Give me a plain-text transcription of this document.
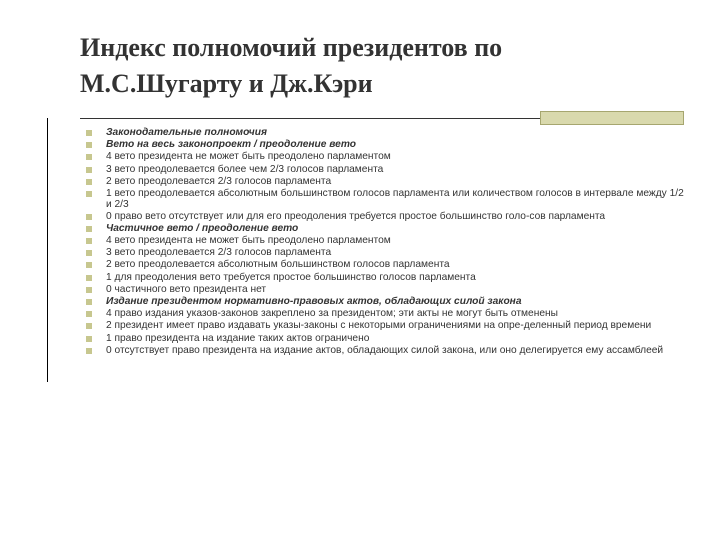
Индекс полномочий президентов по
М.С.Шугарту и Дж.Кэри
Законодательные полномочия
Вето на весь законопроект / преодоление вето
4 вето президента не может быть преодолено парламентом
3 вето преодолевается более чем 2/3 голосов парламента
2 вето преодолевается 2/3 голосов парламента
1 вето преодолевается абсолютным большинством голосов парламента или количеством голосов в интервале между 1/2 и 2/3
0 право вето отсутствует или для его преодоления требуется простое большинство голо-сов парламента
Частичное вето / преодоление вето
4 вето президента не может быть преодолено парламентом
3 вето преодолевается 2/3 голосов парламента
2 вето преодолевается абсолютным большинством голосов парламента
1 для преодоления вето требуется простое большинство голосов парламента
0 частичного вето президента нет
Издание президентом нормативно-правовых актов, обладающих силой закона
4 право издания указов-законов закреплено за президентом; эти акты не могут быть отменены
2 президент имеет право издавать указы-законы с некоторыми ограничениями на опре-деленный период времени
1 право президента на издание таких актов ограничено
0 отсутствует право президента на издание актов, обладающих силой закона, или оно делегируется ему ассамблеей
